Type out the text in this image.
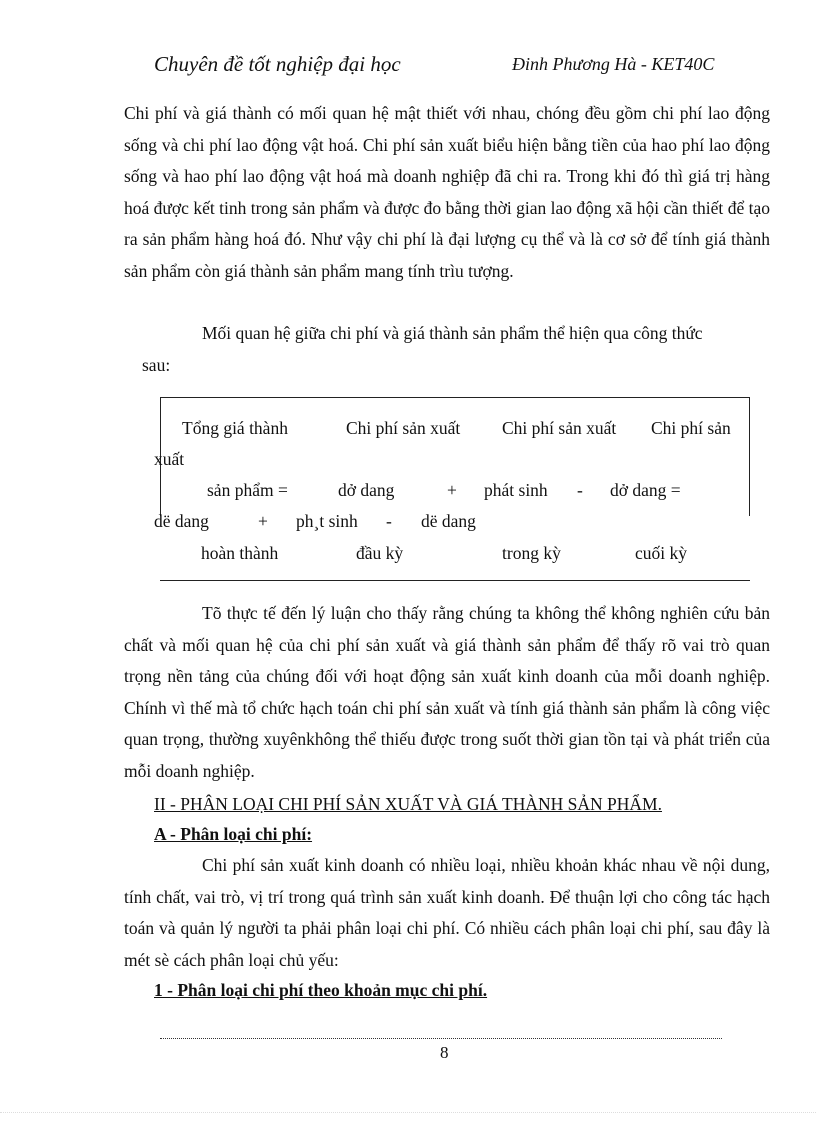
Chuyên đề tốt nghiệp đại học	Đinh Phương Hà - KET40C

Chi phí và giá thành có mối quan hệ mật thiết với nhau, chóng đều gồm chi phí lao động sống và chi phí lao động vật hoá. Chi phí sản xuất biểu hiện bằng tiền của hao phí lao động sống và hao phí lao động vật hoá mà doanh nghiệp đã chi ra. Trong khi đó thì giá trị hàng hoá được kết tinh trong sản phẩm và được đo bằng thời gian lao động xã hội cần thiết để tạo ra sản phẩm hàng hoá đó. Như vậy chi phí là đại lượng cụ thể và là cơ sở để tính giá thành sản phẩm còn giá thành sản phẩm mang tính trìu tượng.

Mối quan hệ giữa chi phí và giá thành sản phẩm thể hiện qua công thức
sau:

Tổng giá thành	Chi phí sản xuất Chi phí sản xuất Chi phí sản
xuất
sản phẩm =	dở dang	+ phát sinh - dở dang =
dë dang	+ ph¸t sinh - dë dang
hoàn thành	đầu kỳ	trong kỳ	cuối kỳ

Tõ thực tế đến lý luận cho thấy rằng chúng ta không thể không nghiên cứu bản chất và mối quan hệ của chi phí sản xuất và giá thành sản phẩm để thấy rõ vai trò quan trọng nền tảng của chúng đối với hoạt động sản xuất kinh doanh của mỗi doanh nghiệp. Chính vì thế mà tổ chức hạch toán chi phí sản xuất và tính giá thành sản phẩm là công việc quan trọng, thường xuyênkhông thể thiếu được trong suốt thời gian tồn tại và phát triển của mỗi doanh nghiệp.

II - PHÂN LOẠI CHI PHÍ SẢN XUẤT VÀ GIÁ THÀNH SẢN PHẨM.
A - Phân loại chi phí:

Chi phí sản xuất kinh doanh có nhiều loại, nhiều khoản khác nhau về nội dung, tính chất, vai trò, vị trí trong quá trình sản xuất kinh doanh. Để thuận lợi cho công tác hạch toán và quản lý người ta phải phân loại chi phí. Có nhiều cách phân loại chi phí, sau đây là mét sè cách phân loại chủ yếu:

1 - Phân loại chi phí theo khoản mục chi phí.
8
